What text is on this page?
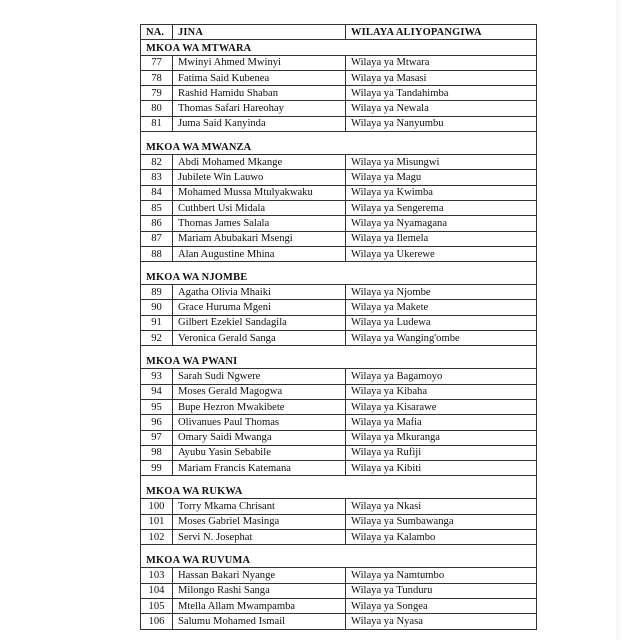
NA.	JINA	WILAYA ALIYOPANGIWA
MKOA WA MTWARA		
77	Mwinyi Ahmed Mwinyi	Wilaya ya Mtwara
78	Fatima Said Kubenea	Wilaya ya Masasi
79	Rashid Hamidu Shaban	Wilaya ya Tandahimba
80	Thomas Safari Hareohay	Wilaya ya Newala
81	Juma Said Kanyinda	Wilaya ya Nanyumbu
MKOA WA MWANZA		
82	Abdi Mohamed Mkange	Wilaya ya Misungwi
83	Jubilete Win Lauwo	Wilaya ya Magu
84	Mohamed Mussa Mtulyakwaku	Wilaya ya Kwimba
85	Cuthbert Usi Midala	Wilaya ya Sengerema
86	Thomas James Salala	Wilaya ya Nyamagana
87	Mariam Abubakari Msengi	Wilaya ya Ilemela
88	Alan Augustine Mhina	Wilaya ya Ukerewe
MKOA WA NJOMBE		
89	Agatha Olivia Mhaiki	Wilaya ya Njombe
90	Grace Huruma Mgeni	Wilaya ya Makete
91	Gilbert Ezekiel Sandagila	Wilaya ya Ludewa
92	Veronica Gerald Sanga	Wilaya ya Wanging'ombe
MKOA WA PWANI		
93	Sarah Sudi Ngwere	Wilaya ya Bagamoyo
94	Moses Gerald Magogwa	Wilaya ya Kibaha
95	Bupe Hezron Mwakibete	Wilaya ya Kisarawe
96	Olivanues Paul Thomas	Wilaya ya Mafia
97	Omary Saidi Mwanga	Wilaya ya Mkuranga
98	Ayubu Yasin Sebabile	Wilaya ya Rufiji
99	Mariam Francis Katemana	Wilaya ya Kibiti
MKOA WA RUKWA		
100	Torry Mkama Chrisant	Wilaya ya Nkasi
101	Moses Gabriel Masinga	Wilaya ya Sumbawanga
102	Servi N. Josephat	Wilaya ya Kalambo
MKOA WA RUVUMA		
103	Hassan Bakari Nyange	Wilaya ya Namtumbo
104	Milongo Rashi Sanga	Wilaya ya Tunduru
105	Mtella Allam Mwampamba	Wilaya ya Songea
106	Salumu Mohamed Ismail	Wilaya ya Nyasa
